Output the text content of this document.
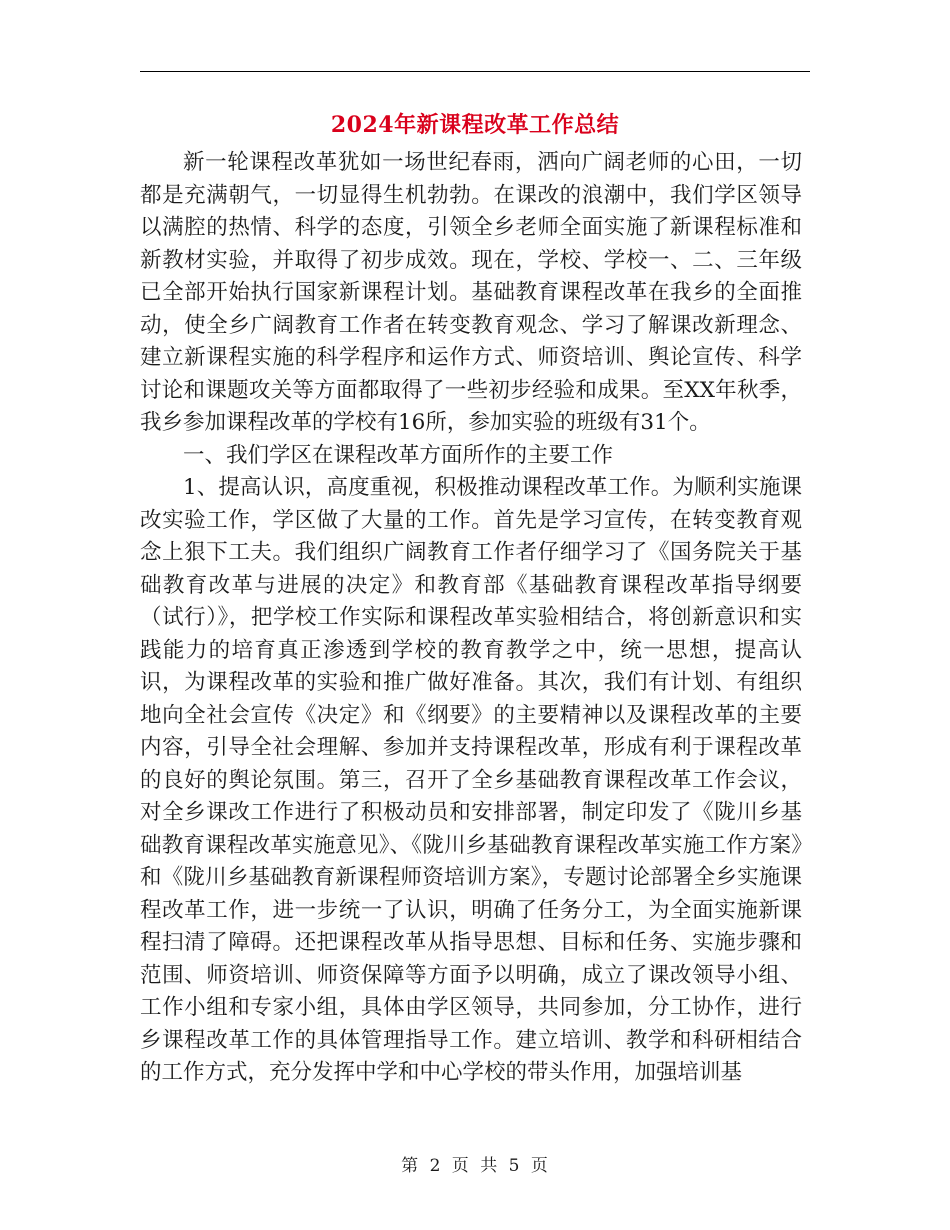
2024年新课程改革工作总结

新一轮课程改革犹如一场世纪春雨，洒向广阔老师的心田，一切都是充满朝气，一切显得生机勃勃。在课改的浪潮中，我们学区领导以满腔的热情、科学的态度，引领全乡老师全面实施了新课程标准和新教材实验，并取得了初步成效。现在，学校、学校一、二、三年级已全部开始执行国家新课程计划。基础教育课程改革在我乡的全面推动，使全乡广阔教育工作者在转变教育观念、学习了解课改新理念、建立新课程实施的科学程序和运作方式、师资培训、舆论宣传、科学讨论和课题攻关等方面都取得了一些初步经验和成果。至XX年秋季，我乡参加课程改革的学校有16所，参加实验的班级有31个。

一、我们学区在课程改革方面所作的主要工作

1、提高认识，高度重视，积极推动课程改革工作。为顺利实施课改实验工作，学区做了大量的工作。首先是学习宣传，在转变教育观念上狠下工夫。我们组织广阔教育工作者仔细学习了《国务院关于基础教育改革与进展的决定》和教育部《基础教育课程改革指导纲要（试行）》，把学校工作实际和课程改革实验相结合，将创新意识和实践能力的培育真正渗透到学校的教育教学之中，统一思想，提高认识，为课程改革的实验和推广做好准备。其次，我们有计划、有组织地向全社会宣传《决定》和《纲要》的主要精神以及课程改革的主要内容，引导全社会理解、参加并支持课程改革，形成有利于课程改革的良好的舆论氛围。第三，召开了全乡基础教育课程改革工作会议，对全乡课改工作进行了积极动员和安排部署，制定印发了《陇川乡基础教育课程改革实施意见》、《陇川乡基础教育课程改革实施工作方案》和《陇川乡基础教育新课程师资培训方案》，专题讨论部署全乡实施课程改革工作，进一步统一了认识，明确了任务分工，为全面实施新课程扫清了障碍。还把课程改革从指导思想、目标和任务、实施步骤和范围、师资培训、师资保障等方面予以明确，成立了课改领导小组、工作小组和专家小组，具体由学区领导，共同参加，分工协作，进行乡课程改革工作的具体管理指导工作。建立培训、教学和科研相结合的工作方式，充分发挥中学和中心学校的带头作用，加强培训基

第 2 页 共 5 页
